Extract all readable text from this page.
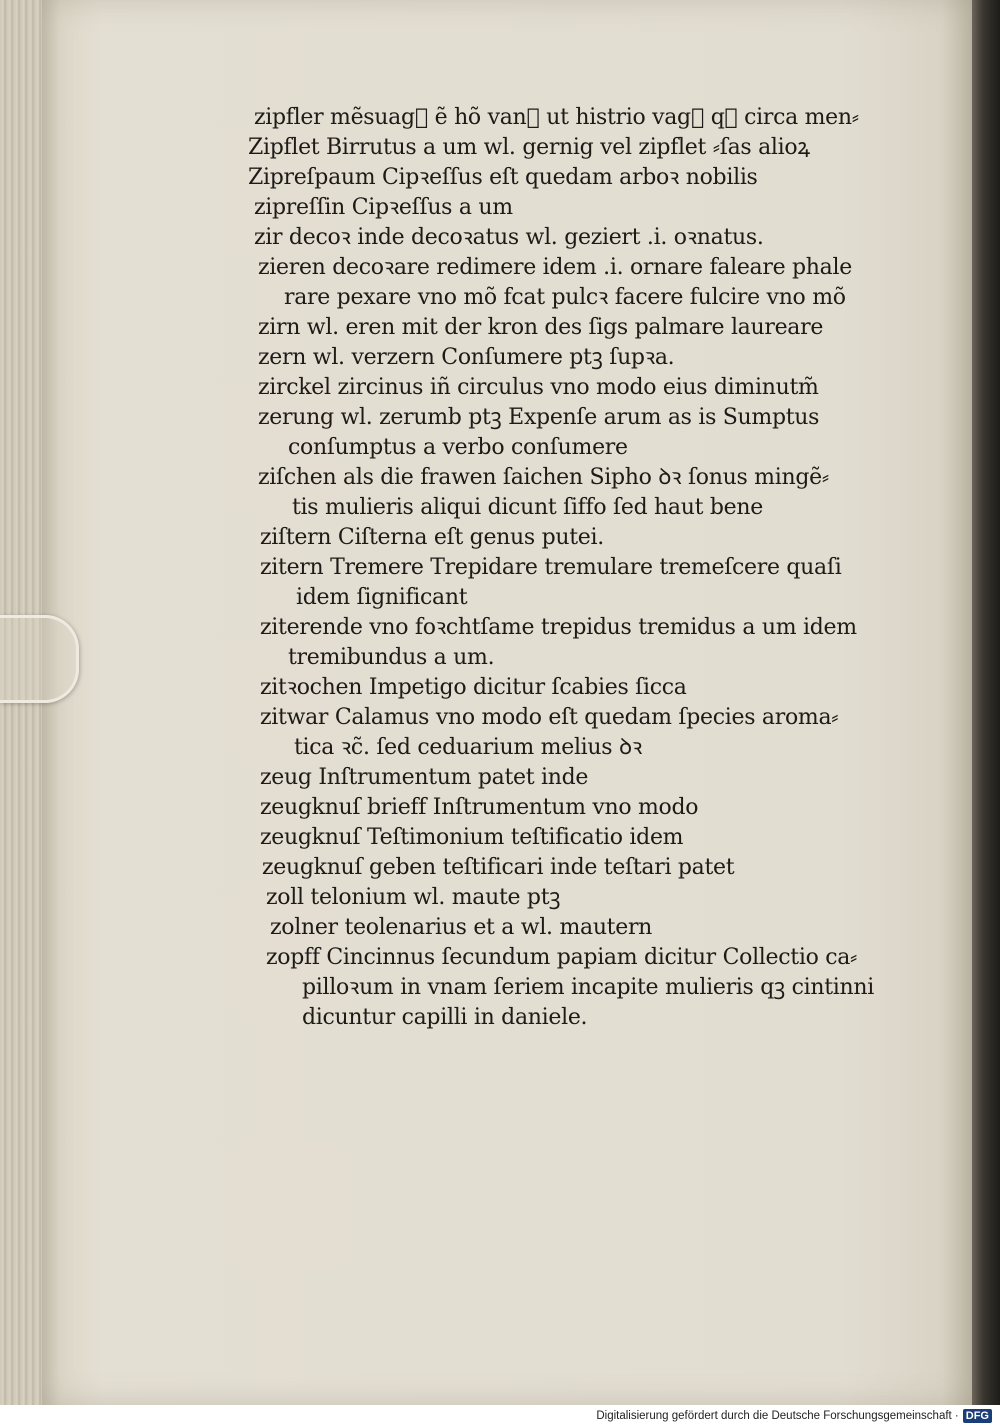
zipfler mẽsuag᷒ ẽ hõ van᷒ ut histrio vag᷒ qꝫ circa men⸗
Zipflet Birrutus a um wl. gernig vel zipflet ⸗ſas alioꝝ
Zipreſpaum Cipꝛeſſus eſt quedam arboꝛ nobilis
zipreſſin Cipꝛeſſus a um
zir decoꝛ inde decoꝛatus wl. geziert .i. oꝛnatus.
zieren decoꝛare redimere idem .i. ornare faleare phale
rare pexare vno mõ fcat pulcꝛ facere fulcire vno mõ
zirn wl. eren mit der kron des ſigs palmare laureare
zern wl. verzern Conſumere ptꝫ ſupꝛa.
zirckel zircinus iñ circulus vno modo eius diminutm̃
zerung wl. zerumb ptꝫ Expenſe arum as is Sumptus
conſumptus a verbo conſumere
ziſchen als die frawen ſaichen Sipho ꝺꝛ ſonus mingẽ⸗
tis mulieris aliqui dicunt ſiffo ſed haut bene
ziſtern Ciſterna eſt genus putei.
zitern Tremere Trepidare tremulare tremeſcere quaſi
idem ſignificant
ziterende vno foꝛchtſame trepidus tremidus a um idem
tremibundus a um.
zitꝛochen Impetigo dicitur ſcabies ſicca
zitwar Calamus vno modo eſt quedam ſpecies aroma⸗
tica ꝛc̃. ſed ceduarium melius ꝺꝛ
zeug Inſtrumentum patet inde
zeugknuſ brieff Inſtrumentum vno modo
zeugknuſ Teſtimonium teſtificatio idem
zeugknuſ geben teſtificari inde teſtari patet
zoll telonium wl. maute ptꝫ
zolner teolenarius et a wl. mautern
zopff Cincinnus ſecundum papiam dicitur Collectio ca⸗
pilloꝛum in vnam ſeriem incapite mulieris qꝫ cintinni
dicuntur capilli in daniele.
Digitalisierung gefördert durch die Deutsche Forschungsgemeinschaft · DFG
